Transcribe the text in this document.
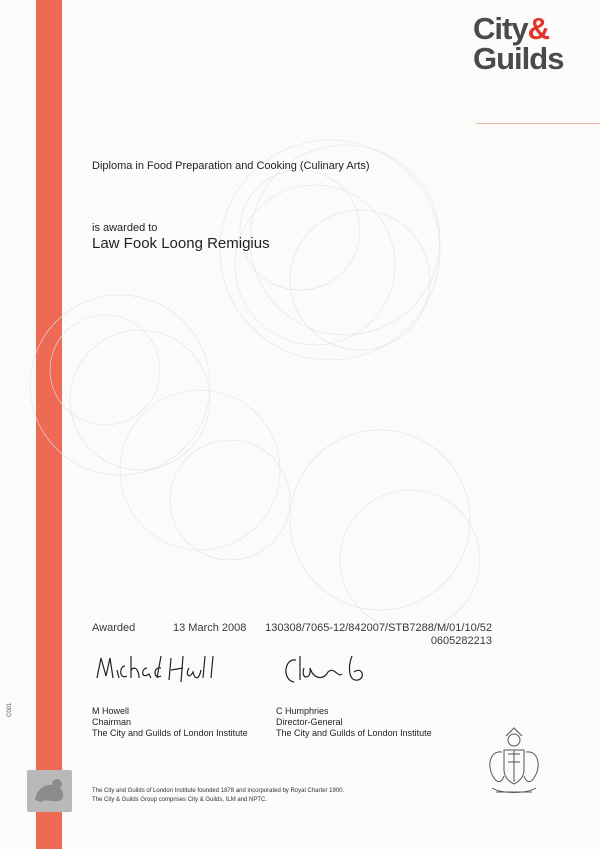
City&
Guilds
Diploma in Food Preparation and Cooking (Culinary Arts)
is awarded to
Law Fook Loong Remigius
Awarded	13 March 2008 130308/7065-12/842007/STB7288/M/01/10/52
0605282213
M Howell
Chairman
The City and Guilds of London Institute
C Humphries
Director-General
The City and Guilds of London Institute
C001
The City and Guilds of London Institute founded 1878 and incorporated by Royal Charter 1900.
The City & Guilds Group comprises City & Guilds, ILM and NPTC.
